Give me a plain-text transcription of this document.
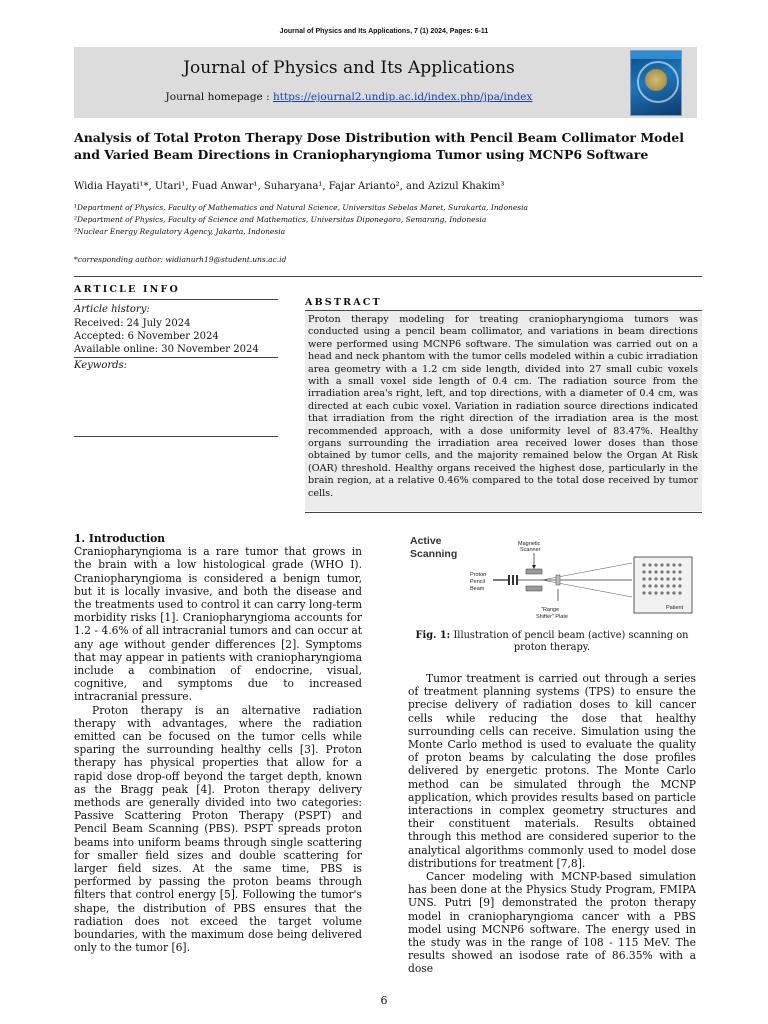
Journal of Physics and Its Applications, 7 (1) 2024, Pages: 6-11
Journal of Physics and Its Applications
Journal homepage : https://ejournal2.undip.ac.id/index.php/jpa/index
Analysis of Total Proton Therapy Dose Distribution with Pencil Beam Collimator Model and Varied Beam Directions in Craniopharyngioma Tumor using MCNP6 Software
Widia Hayati¹*, Utari¹, Fuad Anwar¹, Suharyana¹, Fajar Arianto², and Azizul Khakim³
¹Department of Physics, Faculty of Mathematics and Natural Science, Universitas Sebelas Maret, Surakarta, Indonesia
²Department of Physics, Faculty of Science and Mathematics, Universitas Diponegoro, Semarang, Indonesia
³Nuclear Energy Regulatory Agency, Jakarta, Indonesia
*corresponding author: widianurh19@student.uns.ac.id
ARTICLE INFO
Article history:
Received: 24 July 2024
Accepted: 6 November 2024
Available online: 30 November 2024
Keywords:
ABSTRACT
Proton therapy modeling for treating craniopharyngioma tumors was conducted using a pencil beam collimator, and variations in beam directions were performed using MCNP6 software. The simulation was carried out on a head and neck phantom with the tumor cells modeled within a cubic irradiation area geometry with a 1.2 cm side length, divided into 27 small cubic voxels with a small voxel side length of 0.4 cm. The radiation source from the irradiation area's right, left, and top directions, with a diameter of 0.4 cm, was directed at each cubic voxel. Variation in radiation source directions indicated that irradiation from the right direction of the irradiation area is the most recommended approach, with a dose uniformity level of 83.47%. Healthy organs surrounding the irradiation area received lower doses than those obtained by tumor cells, and the majority remained below the Organ At Risk (OAR) threshold. Healthy organs received the highest dose, particularly in the brain region, at a relative 0.46% compared to the total dose received by tumor cells.
1. Introduction

Craniopharyngioma is a rare tumor that grows in the brain with a low histological grade (WHO I). Craniopharyngioma is considered a benign tumor, but it is locally invasive, and both the disease and the treatments used to control it can carry long-term morbidity risks [1]. Craniopharyngioma accounts for 1.2 - 4.6% of all intracranial tumors and can occur at any age without gender differences [2]. Symptoms that may appear in patients with craniopharyngioma include a combination of endocrine, visual, cognitive, and symptoms due to increased intracranial pressure.

Proton therapy is an alternative radiation therapy with advantages, where the radiation emitted can be focused on the tumor cells while sparing the surrounding healthy cells [3]. Proton therapy has physical properties that allow for a rapid dose drop-off beyond the target depth, known as the Bragg peak [4]. Proton therapy delivery methods are generally divided into two categories: Passive Scattering Proton Therapy (PSPT) and Pencil Beam Scanning (PBS). PSPT spreads proton beams into uniform beams through single scattering for smaller field sizes and double scattering for larger field sizes. At the same time, PBS is performed by passing the proton beams through filters that control energy [5]. Following the tumor's shape, the distribution of PBS ensures that the radiation does not exceed the target volume boundaries, with the maximum dose being delivered only to the tumor [6].

Active
Scanning
Magnetic
Scanner
Proton
Pencil
Beam
"Range
Shifter" Plate
Patient
Fig. 1: Illustration of pencil beam (active) scanning on proton therapy.

Tumor treatment is carried out through a series of treatment planning systems (TPS) to ensure the precise delivery of radiation doses to kill cancer cells while reducing the dose that healthy surrounding cells can receive. Simulation using the Monte Carlo method is used to evaluate the quality of proton beams by calculating the dose profiles delivered by energetic protons. The Monte Carlo method can be simulated through the MCNP application, which provides results based on particle interactions in complex geometry structures and their constituent materials. Results obtained through this method are considered superior to the analytical algorithms commonly used to model dose distributions for treatment [7,8].

Cancer modeling with MCNP-based simulation has been done at the Physics Study Program, FMIPA UNS. Putri [9] demonstrated the proton therapy model in craniopharyngioma cancer with a PBS model using MCNP6 software. The energy used in the study was in the range of 108 - 115 MeV. The results showed an isodose rate of 86.35% with a dose

6
